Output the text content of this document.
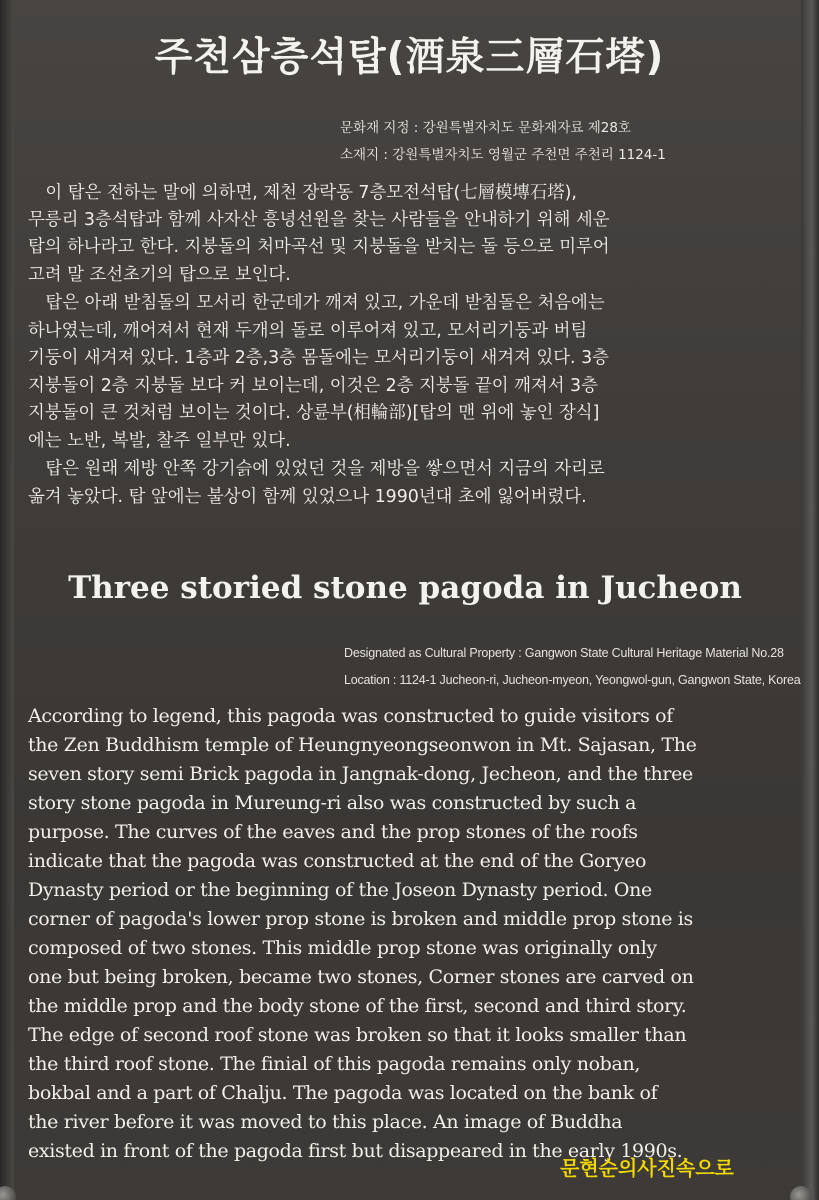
주천삼층석탑(酒泉三層石塔)
문화재 지정 : 강원특별자치도 문화재자료 제28호
소재지 : 강원특별자치도 영월군 주천면 주천리 1124-1
　이 탑은 전하는 말에 의하면, 제천 장락동 7층모전석탑(七層模塼石塔),
무릉리 3층석탑과 함께 사자산 흥녕선원을 찾는 사람들을 안내하기 위해 세운
탑의 하나라고 한다. 지붕돌의 처마곡선 및 지붕돌을 받치는 돌 등으로 미루어
고려 말 조선초기의 탑으로 보인다.
　탑은 아래 받침돌의 모서리 한군데가 깨져 있고, 가운데 받침돌은 처음에는
하나였는데, 깨어져서 현재 두개의 돌로 이루어져 있고, 모서리기둥과 버팀
기둥이 새겨져 있다. 1층과 2층,3층 몸돌에는 모서리기둥이 새겨져 있다. 3층
지붕돌이 2층 지붕돌 보다 커 보이는데, 이것은 2층 지붕돌 끝이 깨져서 3층
지붕돌이 큰 것처럼 보이는 것이다. 상륜부(相輪部)[탑의 맨 위에 놓인 장식]
에는 노반, 복발, 찰주 일부만 있다.
　탑은 원래 제방 안쪽 강기슭에 있었던 것을 제방을 쌓으면서 지금의 자리로
옮겨 놓았다. 탑 앞에는 불상이 함께 있었으나 1990년대 초에 잃어버렸다.
Three storied stone pagoda in Jucheon
Designated as Cultural Property : Gangwon State Cultural Heritage Material No.28
Location : 1124-1 Jucheon-ri, Jucheon-myeon, Yeongwol-gun, Gangwon State, Korea
According to legend, this pagoda was constructed to guide visitors of
the Zen Buddhism temple of Heungnyeongseonwon in Mt. Sajasan, The
seven story semi Brick pagoda in Jangnak-dong, Jecheon, and the three
story stone pagoda in Mureung-ri also was constructed by such a
purpose. The curves of the eaves and the prop stones of the roofs
indicate that the pagoda was constructed at the end of the Goryeo
Dynasty period or the beginning of the Joseon Dynasty period. One
corner of pagoda's lower prop stone is broken and middle prop stone is
composed of two stones. This middle prop stone was originally only
one but being broken, became two stones, Corner stones are carved on
the middle prop and the body stone of the first, second and third story.
The edge of second roof stone was broken so that it looks smaller than
the third roof stone. The finial of this pagoda remains only noban,
bokbal and a part of Chalju. The pagoda was located on the bank of
the river before it was moved to this place. An image of Buddha
existed in front of the pagoda first but disappeared in the early 1990s.
문현순의사진속으로
